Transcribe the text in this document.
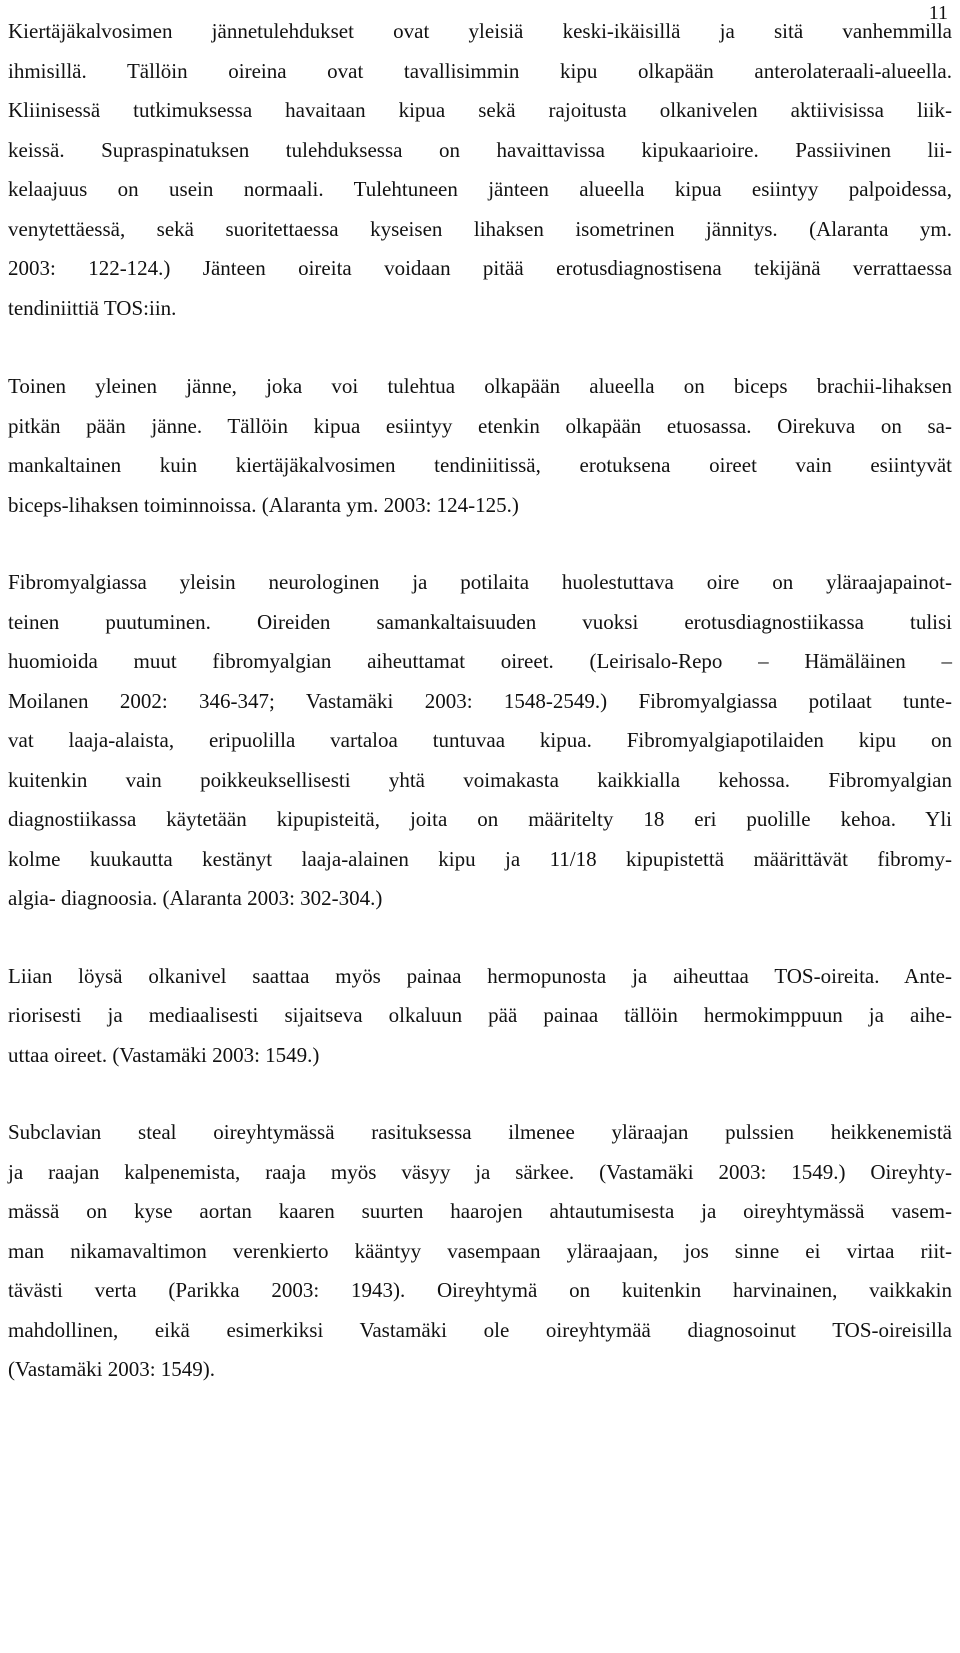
11
Kiertäjäkalvosimen jännetulehdukset ovat yleisiä keski-ikäisillä ja sitä vanhemmilla
ihmisillä. Tällöin oireina ovat tavallisimmin kipu olkapään anterolateraali-alueella.
Kliinisessä tutkimuksessa havaitaan kipua sekä rajoitusta olkanivelen aktiivisissa liik-
keissä. Supraspinatuksen tulehduksessa on havaittavissa kipukaarioire. Passiivinen lii-
kelaajuus on usein normaali. Tulehtuneen jänteen alueella kipua esiintyy palpoidessa,
venytettäessä, sekä suoritettaessa kyseisen lihaksen isometrinen jännitys. (Alaranta ym.
2003: 122-124.) Jänteen oireita voidaan pitää erotusdiagnostisena tekijänä verrattaessa
tendiniittiä TOS:iin.
Toinen yleinen jänne, joka voi tulehtua olkapään alueella on biceps brachii-lihaksen
pitkän pään jänne. Tällöin kipua esiintyy etenkin olkapään etuosassa. Oirekuva on sa-
mankaltainen kuin kiertäjäkalvosimen tendiniitissä, erotuksena oireet vain esiintyvät
biceps-lihaksen toiminnoissa. (Alaranta ym. 2003: 124-125.)
Fibromyalgiassa yleisin neurologinen ja potilaita huolestuttava oire on yläraajapainot-
teinen puutuminen. Oireiden samankaltaisuuden vuoksi erotusdiagnostiikassa tulisi
huomioida muut fibromyalgian aiheuttamat oireet. (Leirisalo-Repo – Hämäläinen –
Moilanen 2002: 346-347; Vastamäki 2003: 1548-2549.) Fibromyalgiassa potilaat tunte-
vat laaja-alaista, eripuolilla vartaloa tuntuvaa kipua. Fibromyalgiapotilaiden kipu on
kuitenkin vain poikkeuksellisesti yhtä voimakasta kaikkialla kehossa. Fibromyalgian
diagnostiikassa käytetään kipupisteitä, joita on määritelty 18 eri puolille kehoa. Yli
kolme kuukautta kestänyt laaja-alainen kipu ja 11/18 kipupistettä määrittävät fibromy-
algia- diagnoosia. (Alaranta 2003: 302-304.)
Liian löysä olkanivel saattaa myös painaa hermopunosta ja aiheuttaa TOS-oireita. Ante-
riorisesti ja mediaalisesti sijaitseva olkaluun pää painaa tällöin hermokimppuun ja aihe-
uttaa oireet. (Vastamäki 2003: 1549.)
Subclavian steal oireyhtymässä rasituksessa ilmenee yläraajan pulssien heikkenemistä
ja raajan kalpenemista, raaja myös väsyy ja särkee. (Vastamäki 2003: 1549.) Oireyhty-
mässä on kyse aortan kaaren suurten haarojen ahtautumisesta ja oireyhtymässä vasem-
man nikamavaltimon verenkierto kääntyy vasempaan yläraajaan, jos sinne ei virtaa riit-
tävästi verta (Parikka 2003: 1943). Oireyhtymä on kuitenkin harvinainen, vaikkakin
mahdollinen, eikä esimerkiksi Vastamäki ole oireyhtymää diagnosoinut TOS-oireisilla
(Vastamäki 2003: 1549).
